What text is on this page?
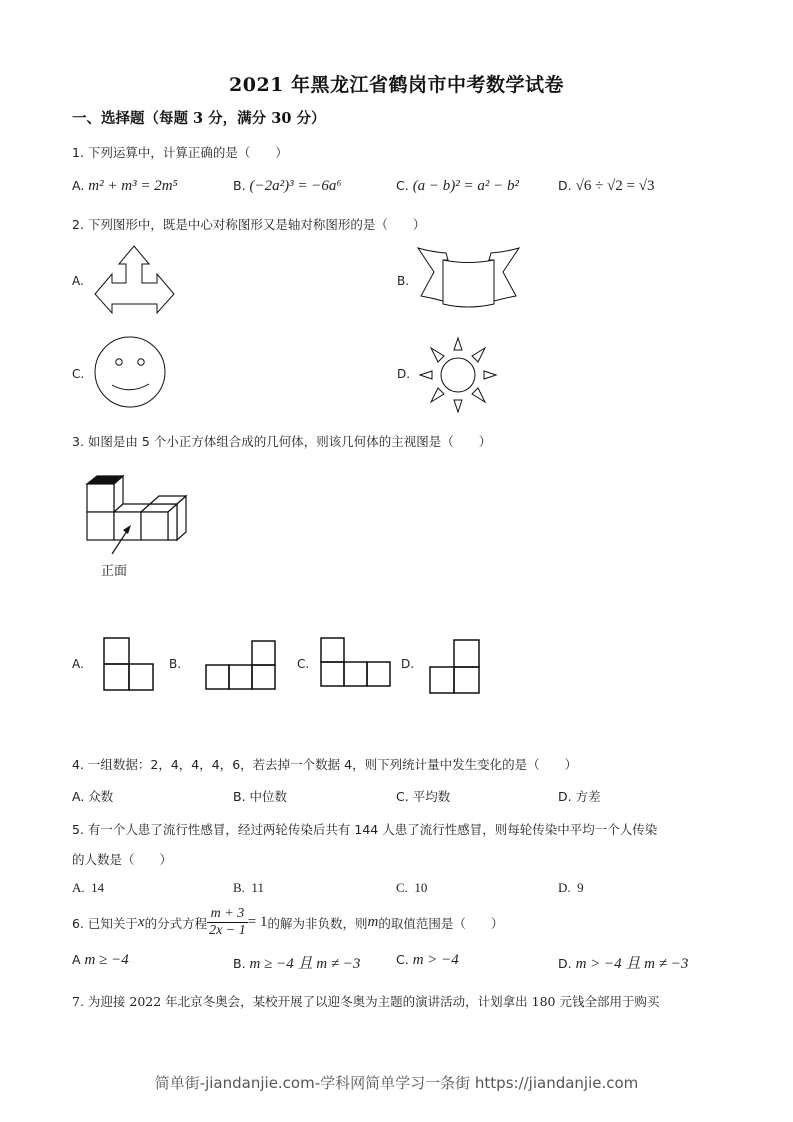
2021 年黑龙江省鹤岗市中考数学试卷
一、选择题（每题 3 分，满分 30 分）
1. 下列运算中，计算正确的是（　　）
A. m² + m³ = 2m⁵	B. (−2a²)³ = −6a⁶	C. (a − b)² = a² − b²	D. √6 ÷ √2 = √3
2. 下列图形中，既是中心对称图形又是轴对称图形的是（　　）
A.	B.
C.	D.
3. 如图是由 5 个小正方体组合成的几何体，则该几何体的主视图是（　　）
正面
A.	B.	C.	D.
4. 一组数据：2，4，4，4，6，若去掉一个数据 4，则下列统计量中发生变化的是（　　）
A. 众数	B. 中位数	C. 平均数	D. 方差
5. 有一个人患了流行性感冒，经过两轮传染后共有 144 人患了流行性感冒，则每轮传染中平均一个人传染
的人数是（　　）
A. 14	B. 11	C. 10	D. 9
6. 已知关于 x 的分式方程 $\frac{m + 3}{2x - 1} = 1$ 的解为非负数，则 m 的取值范围是（　　）
A m ≥ −4	B. m ≥ −4 且 m ≠ −3	C. m > −4	D. m > −4 且 m ≠ −3
7. 为迎接 2022 年北京冬奥会，某校开展了以迎冬奥为主题的演讲活动，计划拿出 180 元钱全部用于购买
简单街-jiandanjie.com-学科网简单学习一条街 https://jiandanjie.com
